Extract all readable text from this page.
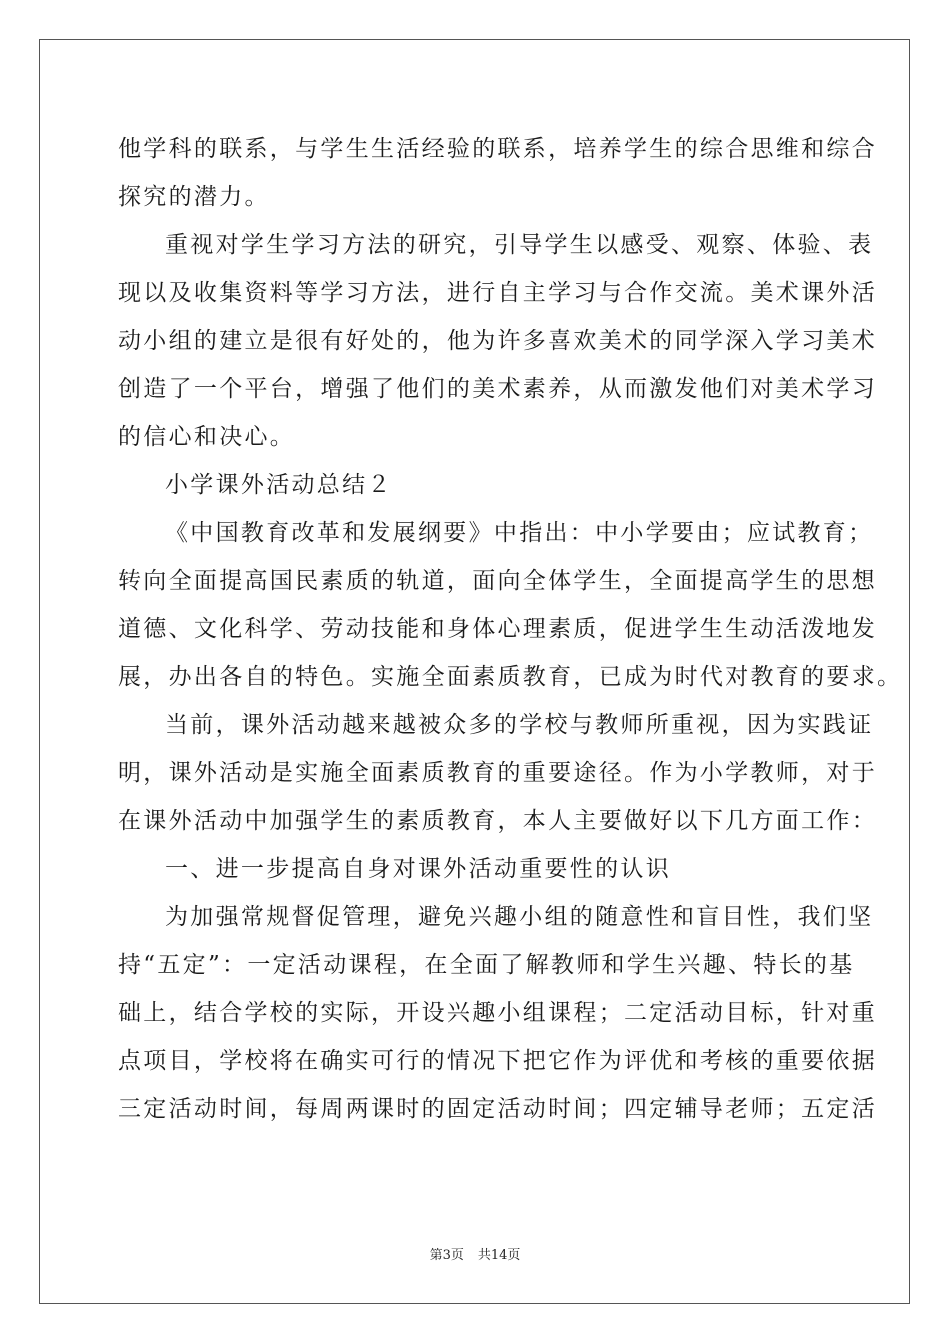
他学科的联系，与学生生活经验的联系，培养学生的综合思维和综合
探究的潜力。
重视对学生学习方法的研究，引导学生以感受、观察、体验、表
现以及收集资料等学习方法，进行自主学习与合作交流。美术课外活
动小组的建立是很有好处的，他为许多喜欢美术的同学深入学习美术
创造了一个平台，增强了他们的美术素养，从而激发他们对美术学习
的信心和决心。
小学课外活动总结２
《中国教育改革和发展纲要》中指出：中小学要由；应试教育；
转向全面提高国民素质的轨道，面向全体学生，全面提高学生的思想
道德、文化科学、劳动技能和身体心理素质，促进学生生动活泼地发
展，办出各自的特色。实施全面素质教育，已成为时代对教育的要求。
当前，课外活动越来越被众多的学校与教师所重视，因为实践证
明，课外活动是实施全面素质教育的重要途径。作为小学教师，对于
在课外活动中加强学生的素质教育，本人主要做好以下几方面工作：
一、进一步提高自身对课外活动重要性的认识
为加强常规督促管理，避免兴趣小组的随意性和盲目性，我们坚
持“五定”：一定活动课程，在全面了解教师和学生兴趣、特长的基
础上，结合学校的实际，开设兴趣小组课程；二定活动目标，针对重
点项目，学校将在确实可行的情况下把它作为评优和考核的重要依据
三定活动时间，每周两课时的固定活动时间；四定辅导老师；五定活
第3页 共14页
